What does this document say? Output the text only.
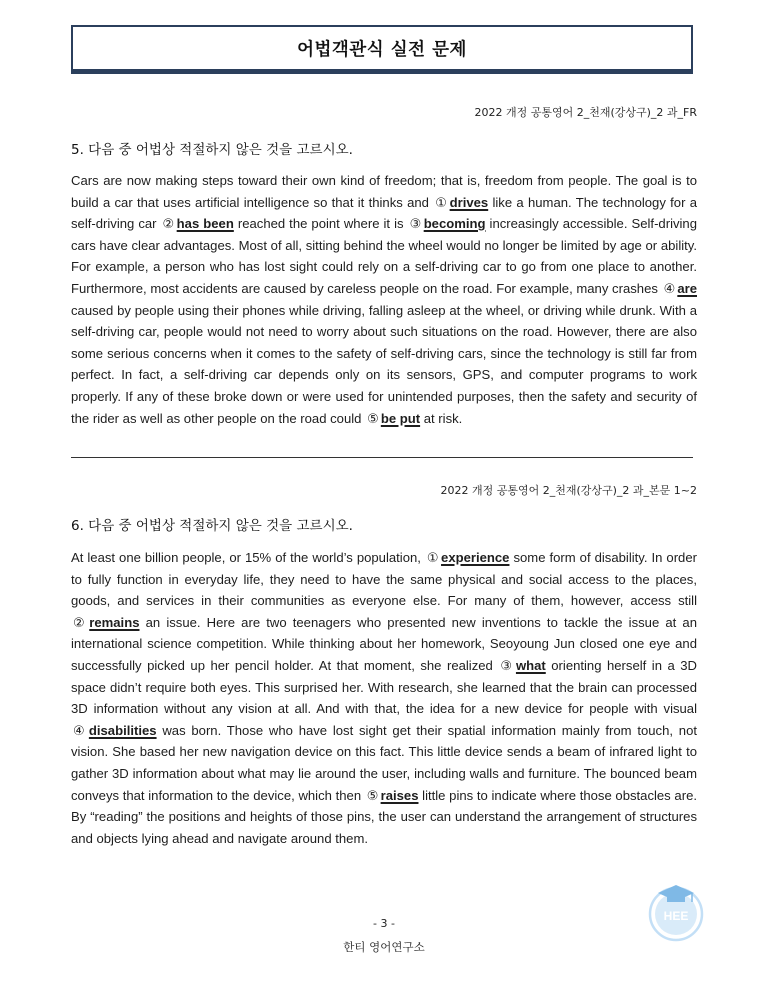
어법객관식 실전 문제
2022 개정 공통영어 2_천재(강상구)_2 과_FR
5. 다음 중 어법상 적절하지 않은 것을 고르시오.
Cars are now making steps toward their own kind of freedom; that is, freedom from people. The goal is to build a car that uses artificial intelligence so that it thinks and ① drives like a human. The technology for a self-driving car ② has been reached the point where it is ③ becoming increasingly accessible. Self-driving cars have clear advantages. Most of all, sitting behind the wheel would no longer be limited by age or ability. For example, a person who has lost sight could rely on a self-driving car to go from one place to another. Furthermore, most accidents are caused by careless people on the road. For example, many crashes ④ are caused by people using their phones while driving, falling asleep at the wheel, or driving while drunk. With a self-driving car, people would not need to worry about such situations on the road. However, there are also some serious concerns when it comes to the safety of self-driving cars, since the technology is still far from perfect. In fact, a self-driving car depends only on its sensors, GPS, and computer programs to work properly. If any of these broke down or were used for unintended purposes, then the safety and security of the rider as well as other people on the road could ⑤ be put at risk.
2022 개정 공통영어 2_천재(강상구)_2 과_본문 1~2
6. 다음 중 어법상 적절하지 않은 것을 고르시오.
At least one billion people, or 15% of the world’s population, ① experience some form of disability. In order to fully function in everyday life, they need to have the same physical and social access to the places, goods, and services in their communities as everyone else. For many of them, however, access still ② remains an issue. Here are two teenagers who presented new inventions to tackle the issue at an international science competition. While thinking about her homework, Seoyoung Jun closed one eye and successfully picked up her pencil holder. At that moment, she realized ③ what orienting herself in a 3D space didn’t require both eyes. This surprised her. With research, she learned that the brain can processed 3D information without any vision at all. And with that, the idea for a new device for people with visual ④ disabilities was born. Those who have lost sight get their spatial information mainly from touch, not vision. She based her new navigation device on this fact. This little device sends a beam of infrared light to gather 3D information about what may lie around the user, including walls and furniture. The bounced beam conveys that information to the device, which then ⑤ raises little pins to indicate where those obstacles are. By “reading” the positions and heights of those pins, the user can understand the arrangement of structures and objects lying ahead and navigate around them.
- 3 -
한티 영어연구소
HEE
